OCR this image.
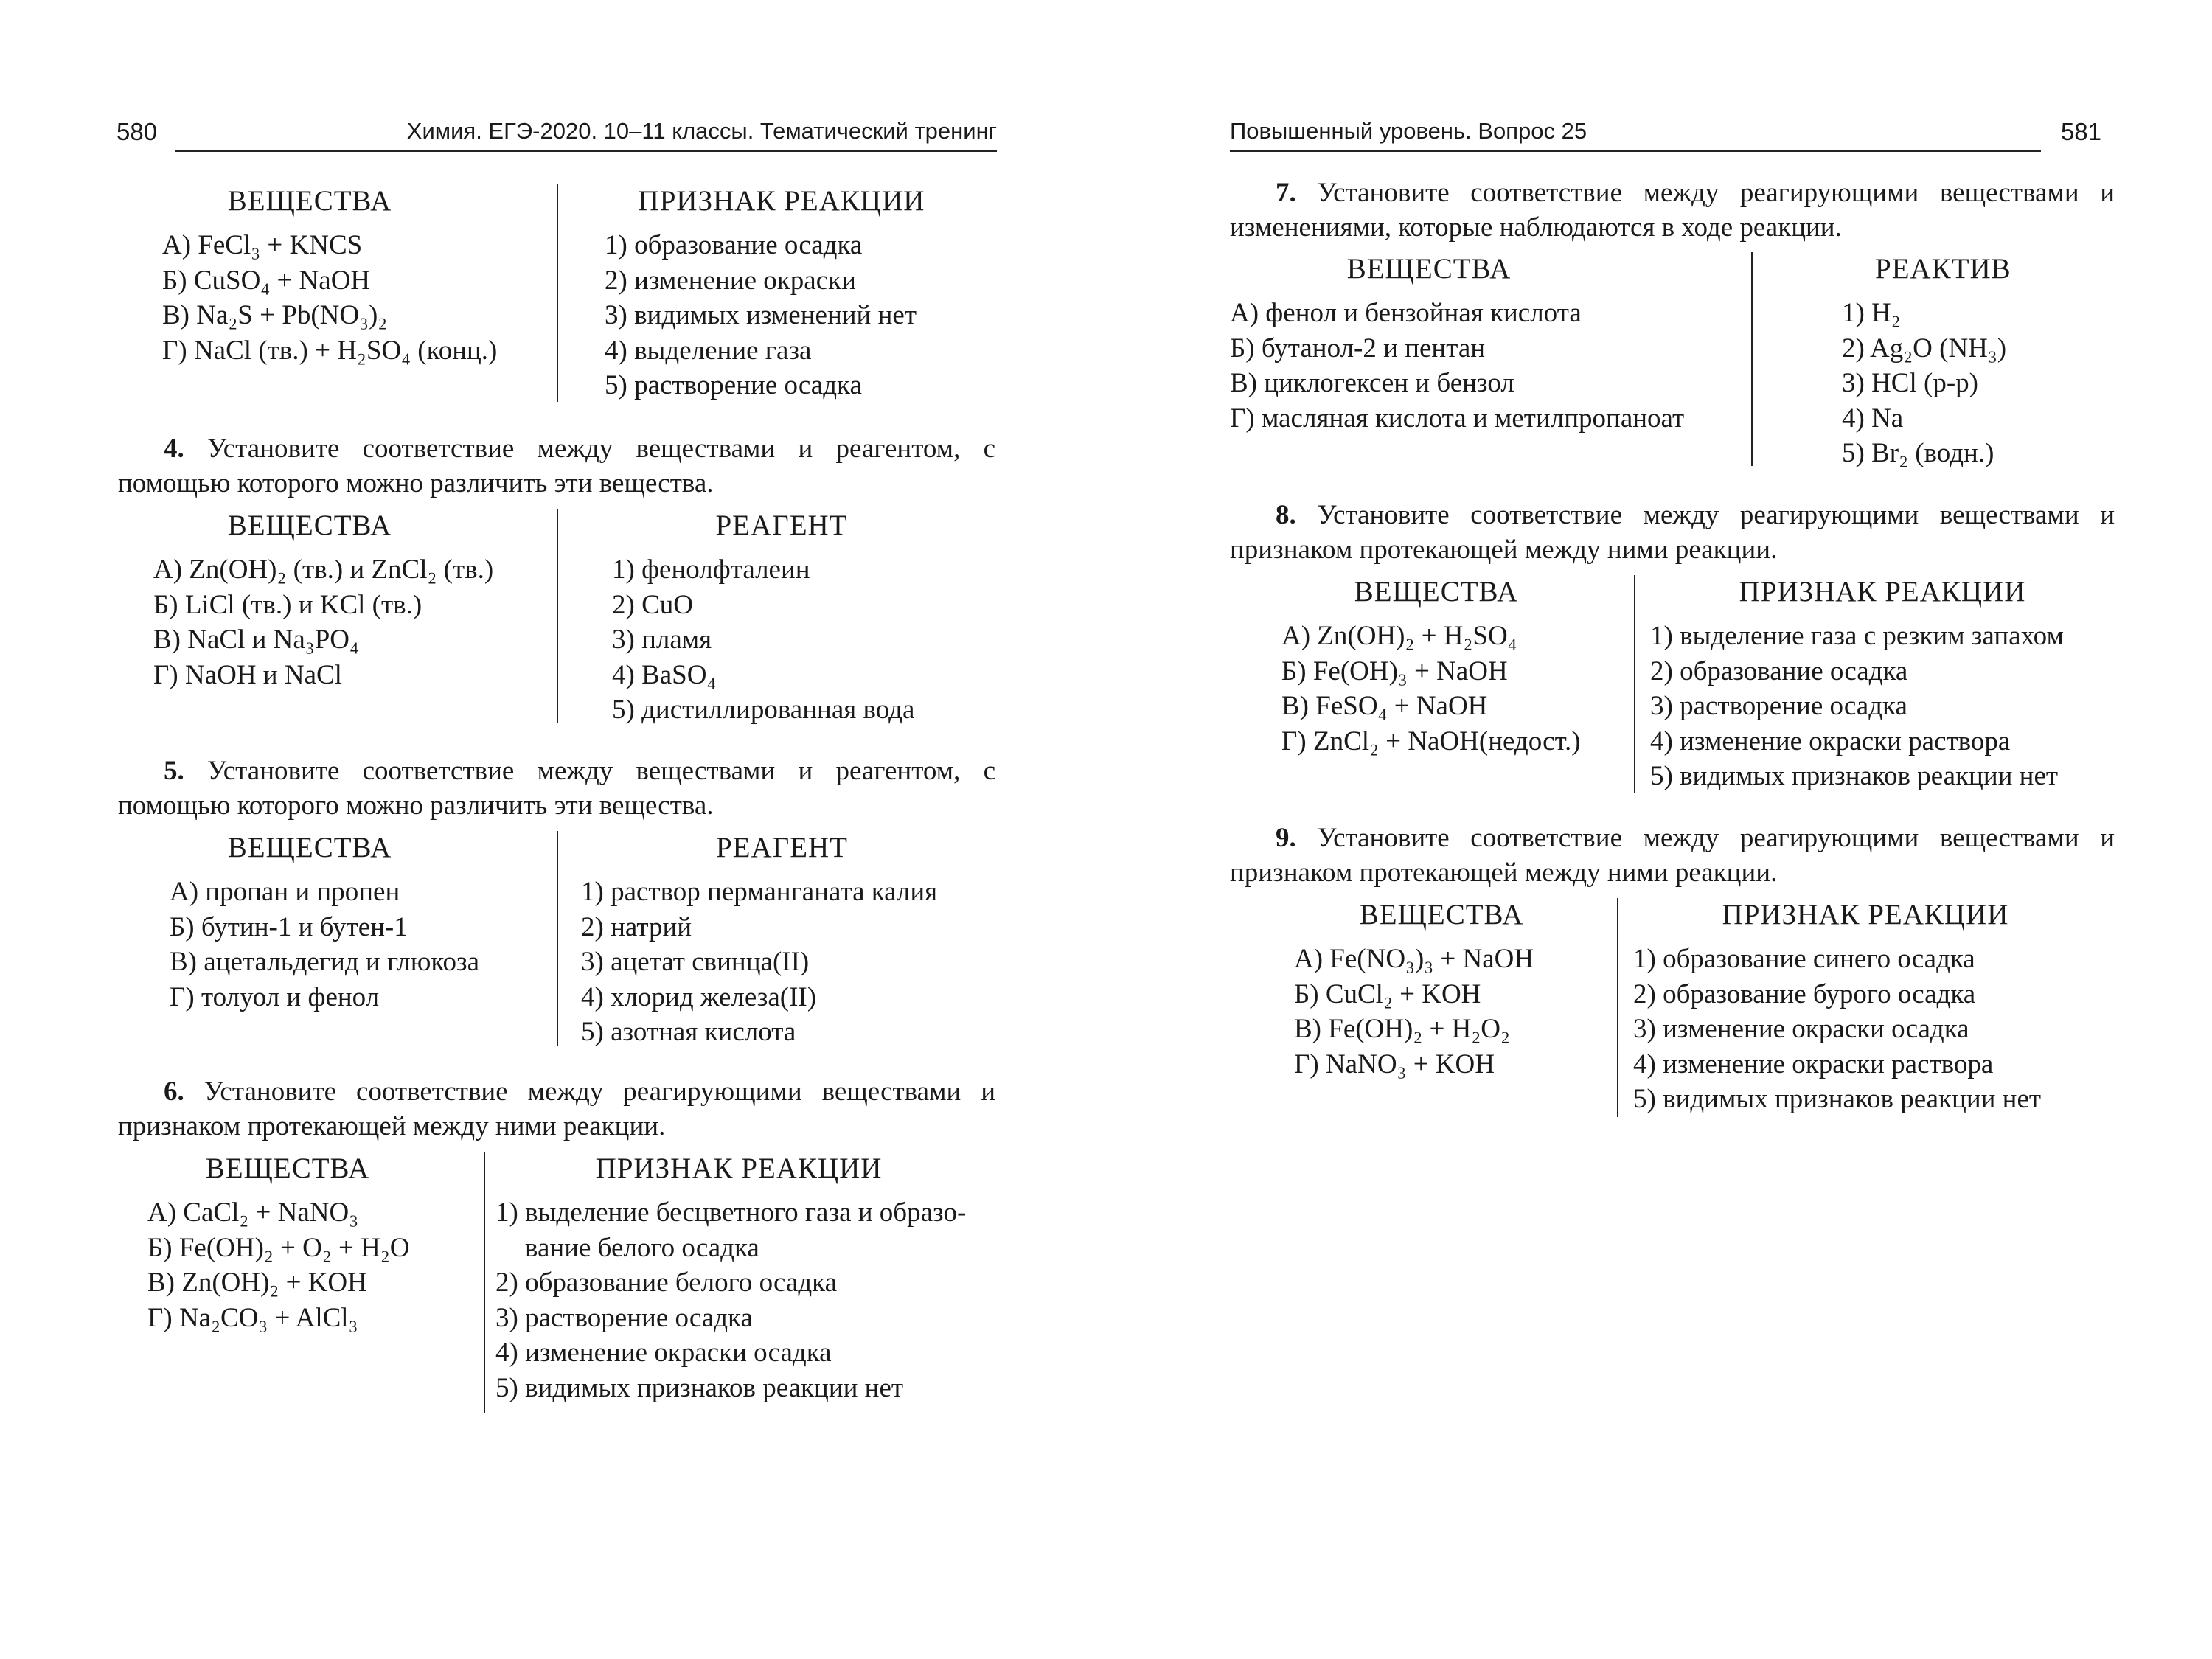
580	Химия. ЕГЭ-2020. 10–11 классы. Тематический тренинг
ВЕЩЕСТВА
А) FeCl₃ + KNCS
Б) CuSO₄ + NaOH
В) Na₂S + Pb(NO₃)₂
Г) NaCl (тв.) + H₂SO₄ (конц.)
ПРИЗНАК РЕАКЦИИ
1) образование осадка
2) изменение окраски
3) видимых изменений нет
4) выделение газа
5) растворение осадка
4. Установите соответствие между веществами и реагентом, с помощью которого можно различить эти вещества.
ВЕЩЕСТВА
А) Zn(OH)₂ (тв.) и ZnCl₂ (тв.)
Б) LiCl (тв.) и KCl (тв.)
В) NaCl и Na₃PO₄
Г) NaOH и NaCl
РЕАГЕНТ
1) фенолфталеин
2) CuO
3) пламя
4) BaSO₄
5) дистиллированная вода
5. Установите соответствие между веществами и реагентом, с помощью которого можно различить эти вещества.
ВЕЩЕСТВА
А) пропан и пропен
Б) бутин-1 и бутен-1
В) ацетальдегид и глюкоза
Г) толуол и фенол
РЕАГЕНТ
1) раствор перманганата калия
2) натрий
3) ацетат свинца(II)
4) хлорид железа(II)
5) азотная кислота
6. Установите соответствие между реагирующими веществами и признаком протекающей между ними реакции.
ВЕЩЕСТВА
А) CaCl₂ + NaNO₃
Б) Fe(OH)₂ + O₂ + H₂O
В) Zn(OH)₂ + KOH
Г) Na₂CO₃ + AlCl₃
ПРИЗНАК РЕАКЦИИ
1) выделение бесцветного газа и образо-
вание белого осадка
2) образование белого осадка
3) растворение осадка
4) изменение окраски осадка
5) видимых признаков реакции нет
Повышенный уровень. Вопрос 25	581
7. Установите соответствие между реагирующими веществами и изменениями, которые наблюдаются в ходе реакции.
ВЕЩЕСТВА
А) фенол и бензойная кислота
Б) бутанол-2 и пентан
В) циклогексен и бензол
Г) масляная кислота и метилпропаноат
РЕАКТИВ
1) H₂
2) Ag₂O (NH₃)
3) HCl (р-р)
4) Na
5) Br₂ (водн.)
8. Установите соответствие между реагирующими веществами и признаком протекающей между ними реакции.
ВЕЩЕСТВА
А) Zn(OH)₂ + H₂SO₄
Б) Fe(OH)₃ + NaOH
В) FeSO₄ + NaOH
Г) ZnCl₂ + NaOH(недост.)
ПРИЗНАК РЕАКЦИИ
1) выделение газа с резким запахом
2) образование осадка
3) растворение осадка
4) изменение окраски раствора
5) видимых признаков реакции нет
9. Установите соответствие между реагирующими веществами и признаком протекающей между ними реакции.
ВЕЩЕСТВА
А) Fe(NO₃)₃ + NaOH
Б) CuCl₂ + KOH
В) Fe(OH)₂ + H₂O₂
Г) NaNO₃ + KOH
ПРИЗНАК РЕАКЦИИ
1) образование синего осадка
2) образование бурого осадка
3) изменение окраски осадка
4) изменение окраски раствора
5) видимых признаков реакции нет
